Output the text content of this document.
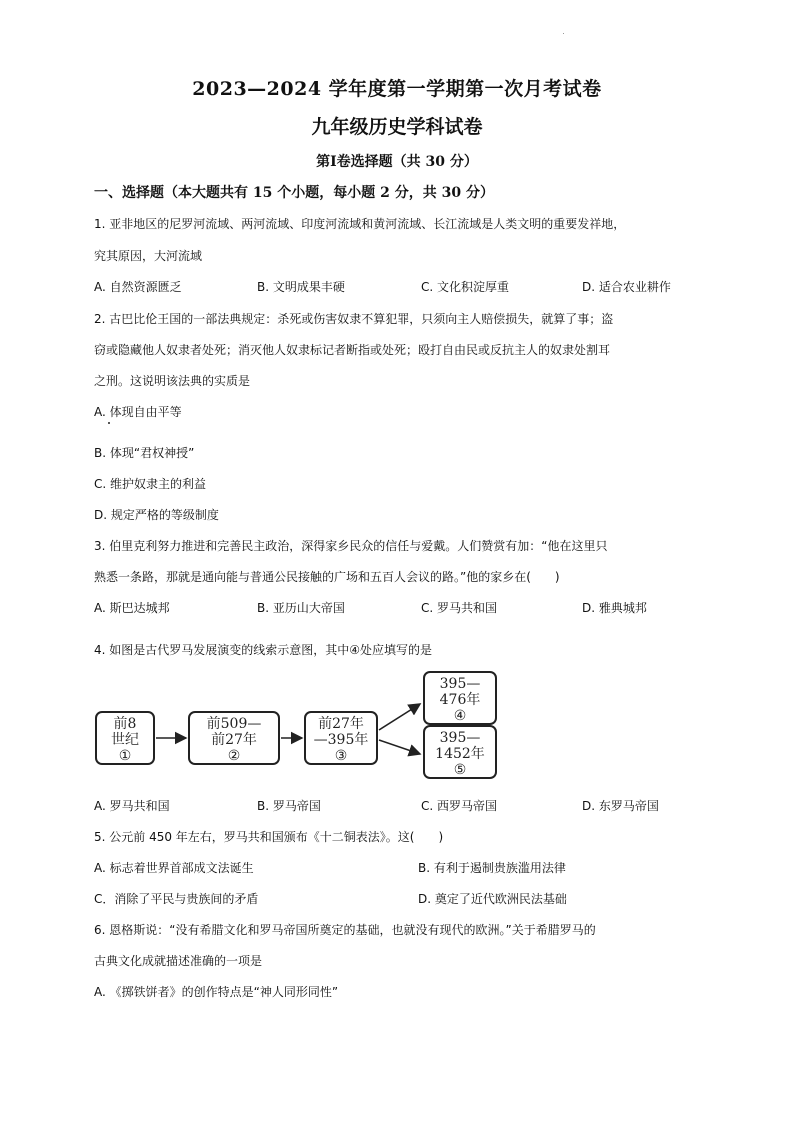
2023—2024 学年度第一学期第一次月考试卷
九年级历史学科试卷
第Ⅰ卷选择题（共 30 分）
一、选择题（本大题共有 15 个小题，每小题 2 分，共 30 分）
1. 亚非地区的尼罗河流域、两河流域、印度河流域和黄河流域、长江流域是人类文明的重要发祥地，
究其原因，大河流域
A. 自然资源匮乏	B. 文明成果丰硬	C. 文化积淀厚重	D. 适合农业耕作
2. 古巴比伦王国的一部法典规定：杀死或伤害奴隶不算犯罪，只须向主人赔偿损失，就算了事；盗
窃或隐藏他人奴隶者处死；消灭他人奴隶标记者断指或处死；殴打自由民或反抗主人的奴隶处割耳
之刑。这说明该法典的实质是
A. 体现自由平等
B. 体现“君权神授”
C. 维护奴隶主的利益
D. 规定严格的等级制度
3. 伯里克利努力推进和完善民主政治，深得家乡民众的信任与爱戴。人们赞赏有加：“他在这里只
熟悉一条路，那就是通向能与普通公民接触的广场和五百人会议的路。”他的家乡在(　　)
A. 斯巴达城邦	B. 亚历山大帝国	C. 罗马共和国	D. 雅典城邦
4. 如图是古代罗马发展演变的线索示意图，其中④处应填写的是
前8
世纪
①
前509—
前27年
②
前27年
—395年
③
395—
476年
④
395—
1452年
⑤
A. 罗马共和国	B. 罗马帝国	C. 西罗马帝国	D. 东罗马帝国
5. 公元前 450 年左右，罗马共和国颁布《十二铜表法》。这(　　)
A. 标志着世界首部成文法诞生	B. 有利于遏制贵族滥用法律
C．消除了平民与贵族间的矛盾	D. 奠定了近代欧洲民法基础
6. 恩格斯说：“没有希腊文化和罗马帝国所奠定的基础，也就没有现代的欧洲。”关于希腊罗马的
古典文化成就描述准确的一项是
A. 《掷铁饼者》的创作特点是“神人同形同性”
